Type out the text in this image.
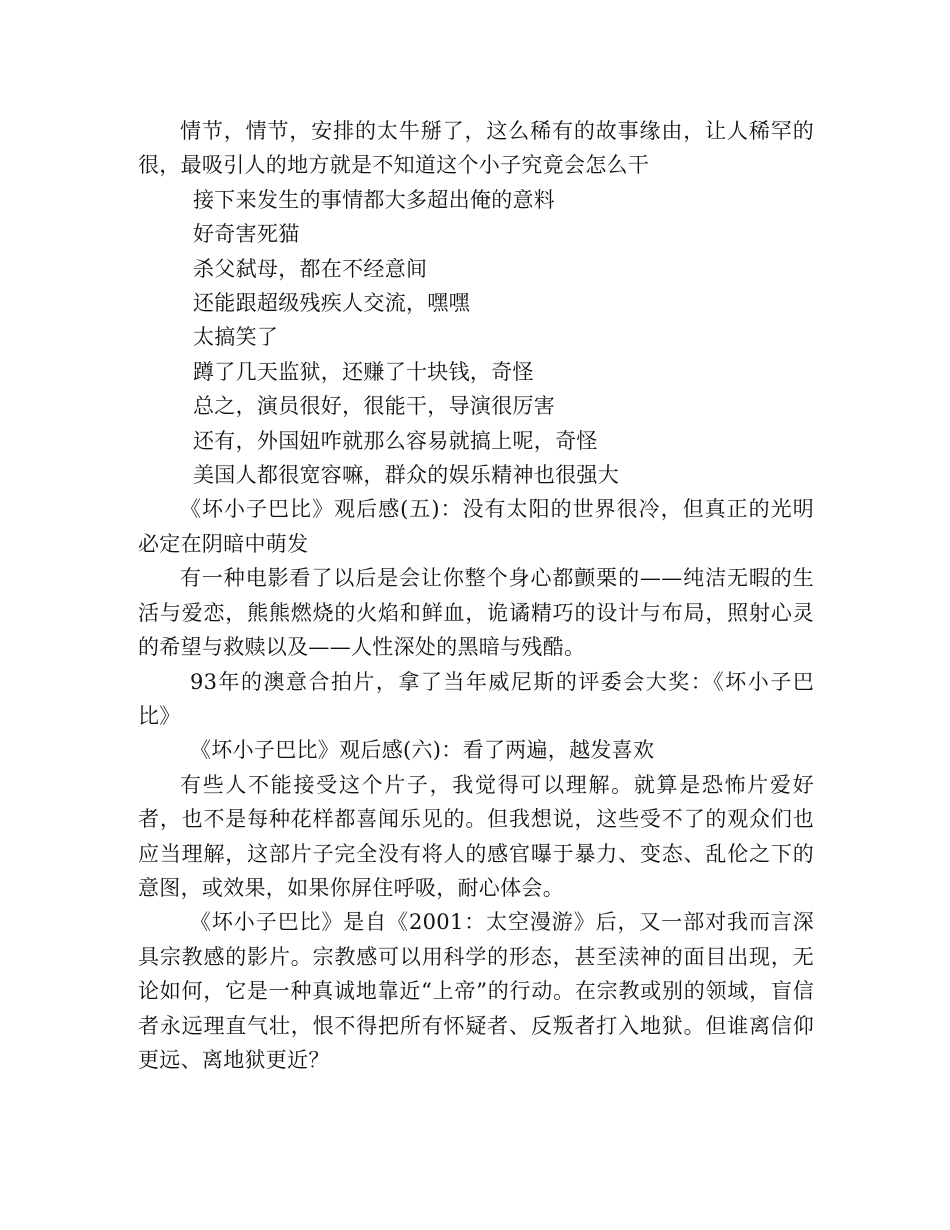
情节，情节，安排的太牛掰了，这么稀有的故事缘由，让人稀罕的很，最吸引人的地方就是不知道这个小子究竟会怎么干

接下来发生的事情都大多超出俺的意料

好奇害死猫

杀父弑母，都在不经意间

还能跟超级残疾人交流，嘿嘿

太搞笑了

蹲了几天监狱，还赚了十块钱，奇怪

总之，演员很好，很能干，导演很厉害

还有，外国妞咋就那么容易就搞上呢，奇怪

美国人都很宽容嘛，群众的娱乐精神也很强大

《坏小子巴比》观后感(五)：没有太阳的世界很冷，但真正的光明必定在阴暗中萌发

有一种电影看了以后是会让你整个身心都颤栗的——纯洁无暇的生活与爱恋，熊熊燃烧的火焰和鲜血，诡谲精巧的设计与布局，照射心灵的希望与救赎以及——人性深处的黑暗与残酷。

93年的澳意合拍片，拿了当年威尼斯的评委会大奖：《坏小子巴比》

《坏小子巴比》观后感(六)：看了两遍，越发喜欢

有些人不能接受这个片子，我觉得可以理解。就算是恐怖片爱好者，也不是每种花样都喜闻乐见的。但我想说，这些受不了的观众们也应当理解，这部片子完全没有将人的感官曝于暴力、变态、乱伦之下的意图，或效果，如果你屏住呼吸，耐心体会。

《坏小子巴比》是自《2001：太空漫游》后，又一部对我而言深具宗教感的影片。宗教感可以用科学的形态，甚至渎神的面目出现，无论如何，它是一种真诚地靠近“上帝”的行动。在宗教或别的领域，盲信者永远理直气壮，恨不得把所有怀疑者、反叛者打入地狱。但谁离信仰更远、离地狱更近？
